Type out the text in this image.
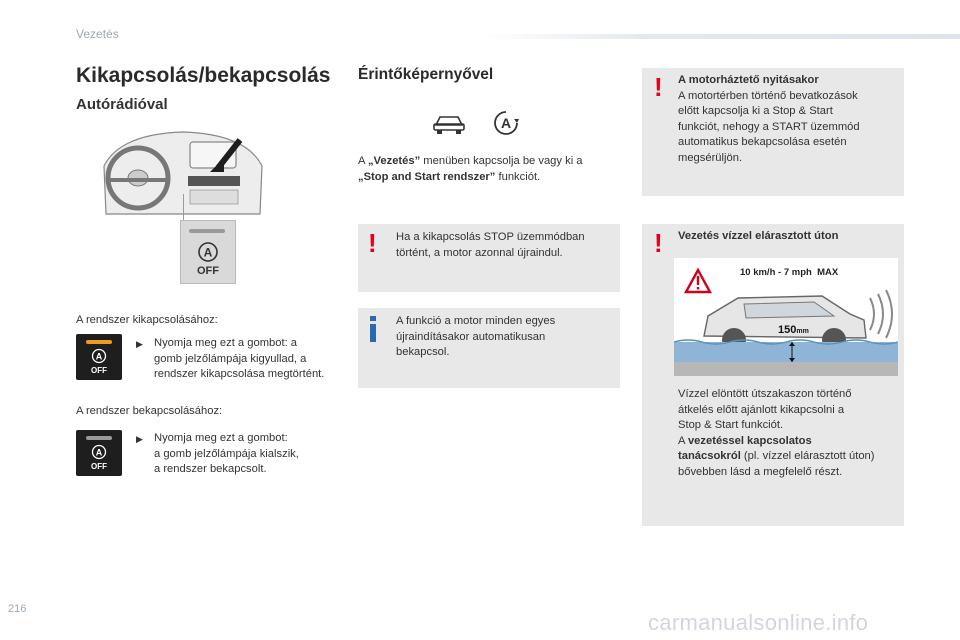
Vezetés
Kikapcsolás/bekapcsolás
Autórádióval
A
OFF
A rendszer kikapcsolásához:
A
OFF
▶ Nyomja meg ezt a gombot: a
gomb jelzőlámpája kigyullad, a
rendszer kikapcsolása megtörtént.
A rendszer bekapcsolásához:
A
OFF
▶ Nyomja meg ezt a gombot:
a gomb jelzőlámpája kialszik,
a rendszer bekapcsolt.
Érintőképernyővel
A
A „Vezetés” menüben kapcsolja be vagy ki a
„Stop and Start rendszer” funkciót.
! Ha a kikapcsolás STOP üzemmódban
történt, a motor azonnal újraindul.
A funkció a motor minden egyes
újraindításakor automatikusan
bekapcsol.
! A motorháztető nyitásakor
A motortérben történő bevatkozások
előtt kapcsolja ki a Stop & Start
funkciót, nehogy a START üzemmód
automatikus bekapcsolása esetén
megsérüljön.
! Vezetés vízzel elárasztott úton
10 km/h - 7 mph  MAX
150mm
Vízzel elöntött útszakaszon történő
átkelés előtt ajánlott kikapcsolni a
Stop & Start funkciót.
A vezetéssel kapcsolatos
tanácsokról (pl. vízzel elárasztott úton)
bővebben lásd a megfelelő részt.
216
carmanualsonline.info
